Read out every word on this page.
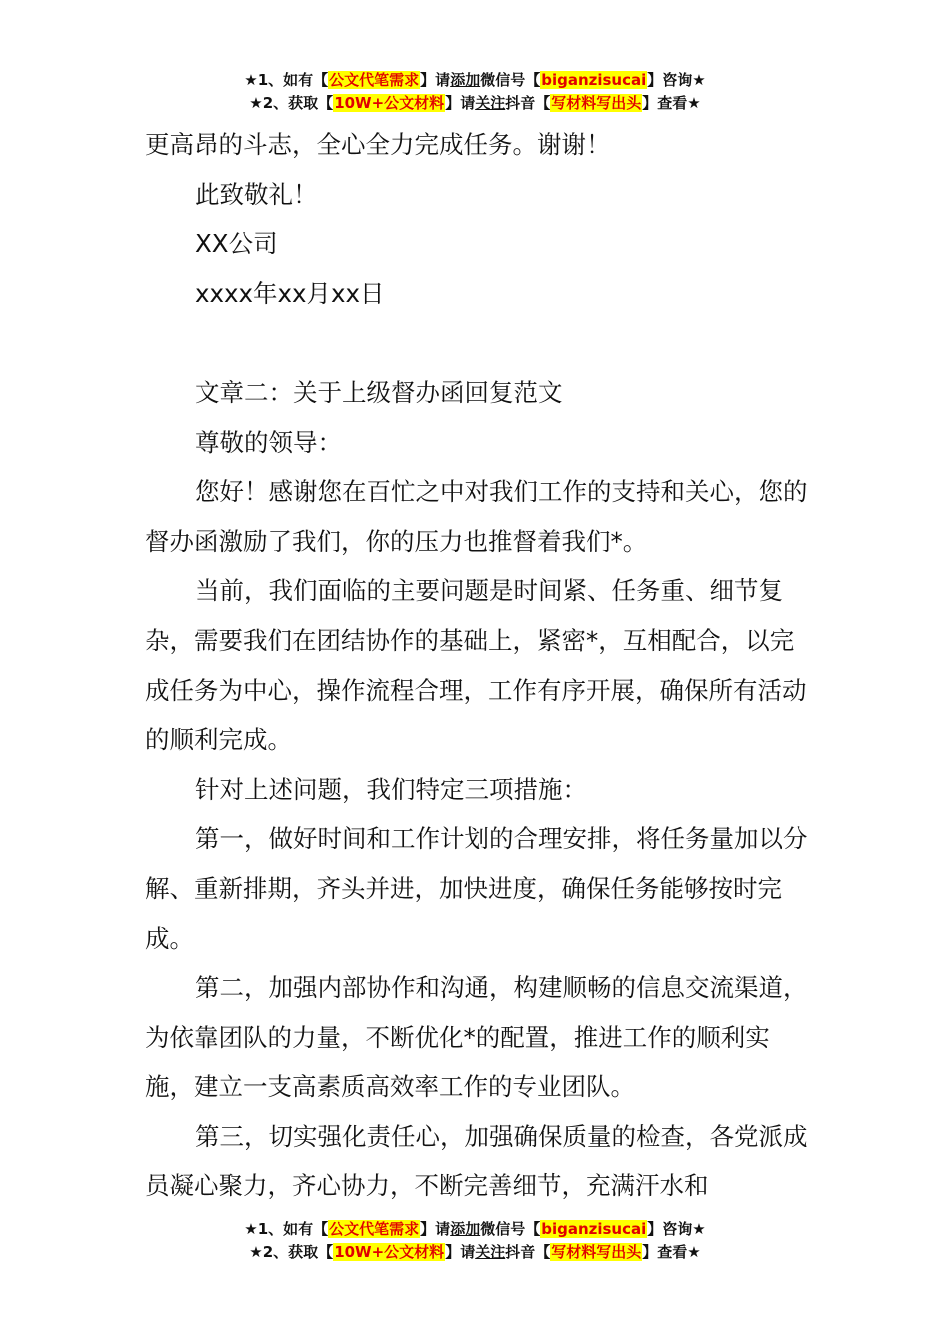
★1、如有【公文代笔需求】请添加微信号【biganzisucai】咨询★
★2、获取【10W+公文材料】请关注抖音【写材料写出头】查看★

更高昂的斗志，全心全力完成任务。谢谢！

此致敬礼！

XX公司

xxxx年xx月xx日

文章二：关于上级督办函回复范文

尊敬的领导：

您好！感谢您在百忙之中对我们工作的支持和关心，您的督办函激励了我们，你的压力也推督着我们*。

当前，我们面临的主要问题是时间紧、任务重、细节复杂，需要我们在团结协作的基础上，紧密*，互相配合，以完成任务为中心，操作流程合理，工作有序开展，确保所有活动的顺利完成。

针对上述问题，我们特定三项措施：

第一，做好时间和工作计划的合理安排，将任务量加以分解、重新排期，齐头并进，加快进度，确保任务能够按时完成。

第二，加强内部协作和沟通，构建顺畅的信息交流渠道，为依靠团队的力量，不断优化*的配置，推进工作的顺利实施，建立一支高素质高效率工作的专业团队。

第三，切实强化责任心，加强确保质量的检查，各党派成员凝心聚力，齐心协力，不断完善细节，充满汗水和

★1、如有【公文代笔需求】请添加微信号【biganzisucai】咨询★
★2、获取【10W+公文材料】请关注抖音【写材料写出头】查看★
